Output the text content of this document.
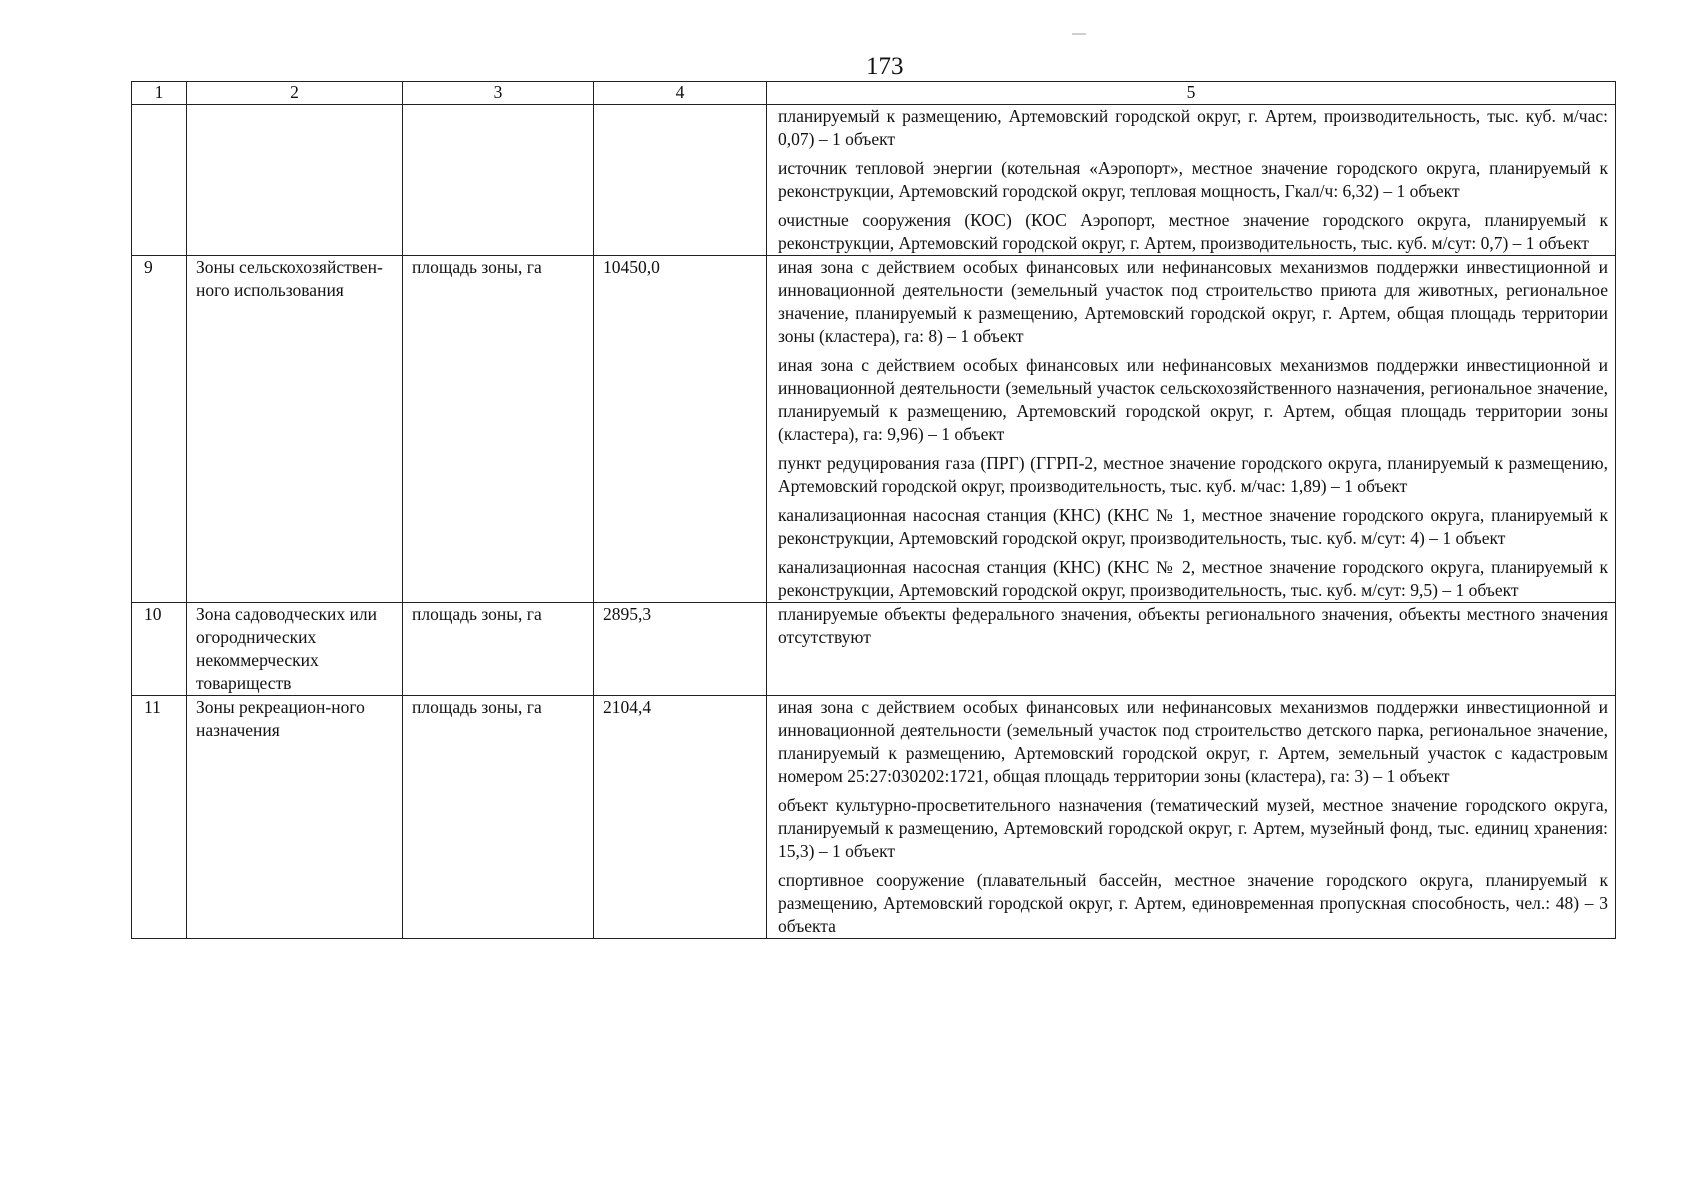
173
1	2	3	4	5

				планируемый к размещению, Артемовский городской округ, г. Артем, производительность, тыс. куб. м/час: 0,07) – 1 объект
источник тепловой энергии (котельная «Аэропорт», местное значение городского округа, планируемый к реконструкции, Артемовский городской округ, тепловая мощность, Гкал/ч: 6,32) – 1 объект
очистные сооружения (КОС) (КОС Аэропорт, местное значение городского округа, планируемый к реконструкции, Артемовский городской округ, г. Артем, производительность, тыс. куб. м/сут: 0,7) – 1 объект

9	Зоны сельскохозяйствен-ного использования	площадь зоны, га	10450,0	иная зона с действием особых финансовых или нефинансовых механизмов поддержки инвестиционной и инновационной деятельности (земельный участок под строительство приюта для животных, региональное значение, планируемый к размещению, Артемовский городской округ, г. Артем, общая площадь территории зоны (кластера), га: 8) – 1 объект
иная зона с действием особых финансовых или нефинансовых механизмов поддержки инвестиционной и инновационной деятельности (земельный участок сельскохозяйственного назначения, региональное значение, планируемый к размещению, Артемовский городской округ, г. Артем, общая площадь территории зоны (кластера), га: 9,96) – 1 объект
пункт редуцирования газа (ПРГ) (ГГРП-2, местное значение городского округа, планируемый к размещению, Артемовский городской округ, производительность, тыс. куб. м/час: 1,89) – 1 объект
канализационная насосная станция (КНС) (КНС № 1, местное значение городского округа, планируемый к реконструкции, Артемовский городской округ, производительность, тыс. куб. м/сут: 4) – 1 объект
канализационная насосная станция (КНС) (КНС № 2, местное значение городского округа, планируемый к реконструкции, Артемовский городской округ, производительность, тыс. куб. м/сут: 9,5) – 1 объект

10	Зона садоводческих или огороднических некоммерческих товариществ	площадь зоны, га	2895,3	планируемые объекты федерального значения, объекты регионального значения, объекты местного значения отсутствуют

11	Зоны рекреацион-ного назначения	площадь зоны, га	2104,4	иная зона с действием особых финансовых или нефинансовых механизмов поддержки инвестиционной и инновационной деятельности (земельный участок под строительство детского парка, региональное значение, планируемый к размещению, Артемовский городской округ, г. Артем, земельный участок с кадастровым номером 25:27:030202:1721, общая площадь территории зоны (кластера), га: 3) – 1 объект
объект культурно-просветительного назначения (тематический музей, местное значение городского округа, планируемый к размещению, Артемовский городской округ, г. Артем, музейный фонд, тыс. единиц хранения: 15,3) – 1 объект
спортивное сооружение (плавательный бассейн, местное значение городского округа, планируемый к размещению, Артемовский городской округ, г. Артем, единовременная пропускная способность, чел.: 48) – 3 объекта
